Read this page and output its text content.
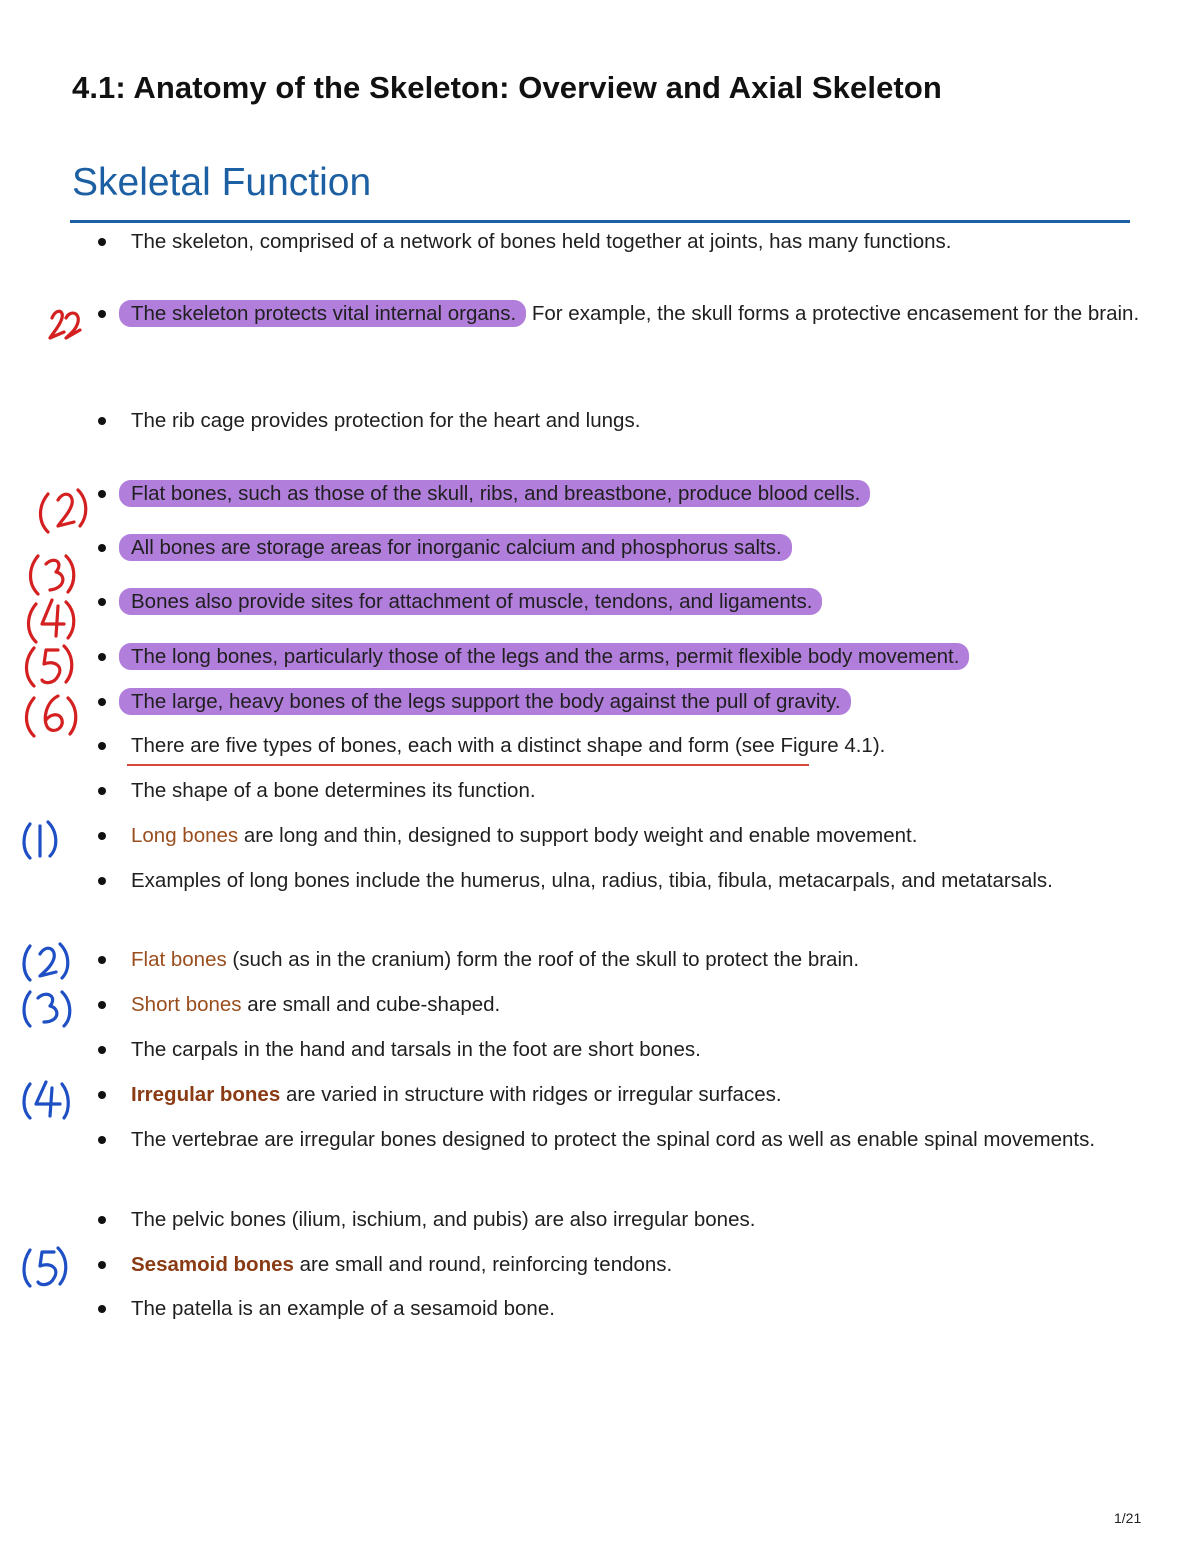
4.1: Anatomy of the Skeleton: Overview and Axial Skeleton
Skeletal Function
The skeleton, comprised of a network of bones held together at joints, has many functions.
The skeleton protects vital internal organs. For example, the skull forms a protective encasement for the brain.
The rib cage provides protection for the heart and lungs.
Flat bones, such as those of the skull, ribs, and breastbone, produce blood cells.
All bones are storage areas for inorganic calcium and phosphorus salts.
Bones also provide sites for attachment of muscle, tendons, and ligaments.
The long bones, particularly those of the legs and the arms, permit flexible body movement.
The large, heavy bones of the legs support the body against the pull of gravity.
There are five types of bones, each with a distinct shape and form (see Figure 4.1).
The shape of a bone determines its function.
Long bones are long and thin, designed to support body weight and enable movement.
Examples of long bones include the humerus, ulna, radius, tibia, fibula, metacarpals, and metatarsals.
Flat bones (such as in the cranium) form the roof of the skull to protect the brain.
Short bones are small and cube-shaped.
The carpals in the hand and tarsals in the foot are short bones.
Irregular bones are varied in structure with ridges or irregular surfaces.
The vertebrae are irregular bones designed to protect the spinal cord as well as enable spinal movements.
The pelvic bones (ilium, ischium, and pubis) are also irregular bones.
Sesamoid bones are small and round, reinforcing tendons.
The patella is an example of a sesamoid bone.
1/21
